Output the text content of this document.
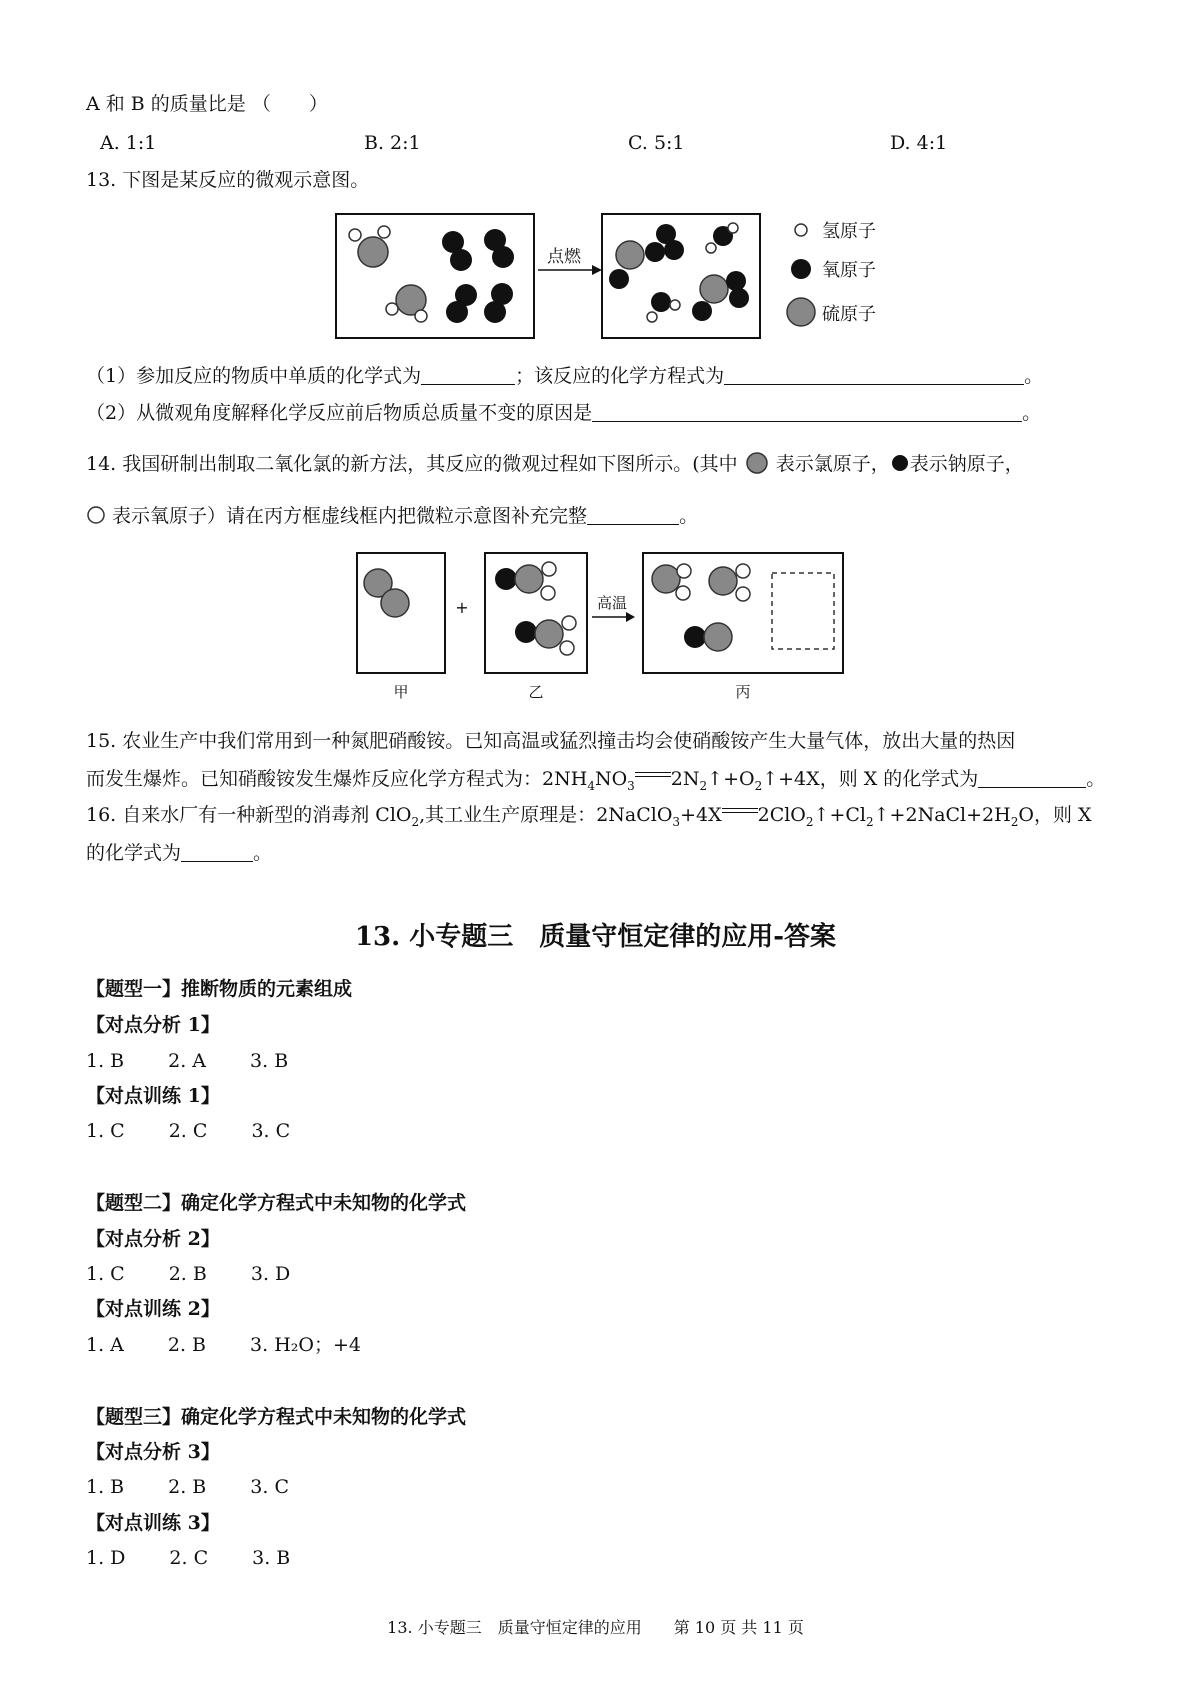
A 和 B 的质量比是 （　　）
A. 1:1	B. 2:1	C. 5:1	D. 4:1
13. 下图是某反应的微观示意图。
点燃
氢原子
氧原子
硫原子
（1）参加反应的物质中单质的化学式为	；该反应的化学方程式为	。
（2）从微观角度解释化学反应前后物质总质量不变的原因是	。
14. 我国研制出制取二氧化氯的新方法，其反应的微观过程如下图所示。(其中 表示氯原子， 表示钠原子，
表示氧原子）请在丙方框虚线框内把微粒示意图补充完整	。
甲
+
乙
高温
丙
15. 农业生产中我们常用到一种氮肥硝酸铵。已知高温或猛烈撞击均会使硝酸铵产生大量气体，放出大量的热因
而发生爆炸。已知硝酸铵发生爆炸反应化学方程式为：$2NH_4NO_3$ $2N_2↑+O_2↑+4X$，则 X 的化学式为	。
16. 自来水厂有一种新型的消毒剂 ClO$_2$,其工业生产原理是：2NaClO$_3$+4X $2ClO_2↑+Cl_2↑+2NaCl+2H_2O$，则 X
的化学式为	。
13. 小专题三　质量守恒定律的应用-答案
【题型一】推断物质的元素组成
【对点分析 1】
1. B 2. A 3. B
【对点训练 1】
1. C 2. C 3. C
【题型二】确定化学方程式中未知物的化学式
【对点分析 2】
1. C 2. B 3. D
【对点训练 2】
1. A 2. B 3. H₂O；+4
【题型三】确定化学方程式中未知物的化学式
【对点分析 3】
1. B 2. B 3. C
【对点训练 3】
1. D 2. C 3. B
13. 小专题三　质量守恒定律的应用　　第 10 页 共 11 页
